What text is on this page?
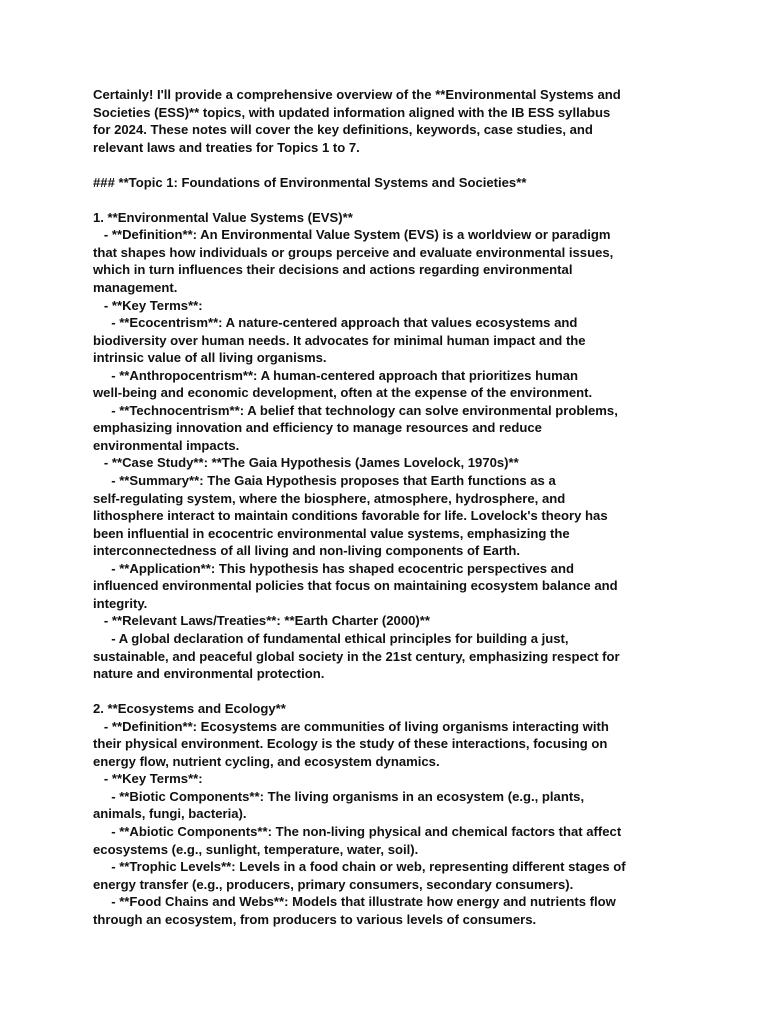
Certainly! I'll provide a comprehensive overview of the **Environmental Systems and
Societies (ESS)** topics, with updated information aligned with the IB ESS syllabus
for 2024. These notes will cover the key definitions, keywords, case studies, and
relevant laws and treaties for Topics 1 to 7.
### **Topic 1: Foundations of Environmental Systems and Societies**
1. **Environmental Value Systems (EVS)**
- **Definition**: An Environmental Value System (EVS) is a worldview or paradigm
that shapes how individuals or groups perceive and evaluate environmental issues,
which in turn influences their decisions and actions regarding environmental
management.
- **Key Terms**:
- **Ecocentrism**: A nature-centered approach that values ecosystems and
biodiversity over human needs. It advocates for minimal human impact and the
intrinsic value of all living organisms.
- **Anthropocentrism**: A human-centered approach that prioritizes human
well-being and economic development, often at the expense of the environment.
- **Technocentrism**: A belief that technology can solve environmental problems,
emphasizing innovation and efficiency to manage resources and reduce
environmental impacts.
- **Case Study**: **The Gaia Hypothesis (James Lovelock, 1970s)**
- **Summary**: The Gaia Hypothesis proposes that Earth functions as a
self-regulating system, where the biosphere, atmosphere, hydrosphere, and
lithosphere interact to maintain conditions favorable for life. Lovelock's theory has
been influential in ecocentric environmental value systems, emphasizing the
interconnectedness of all living and non-living components of Earth.
- **Application**: This hypothesis has shaped ecocentric perspectives and
influenced environmental policies that focus on maintaining ecosystem balance and
integrity.
- **Relevant Laws/Treaties**: **Earth Charter (2000)**
- A global declaration of fundamental ethical principles for building a just,
sustainable, and peaceful global society in the 21st century, emphasizing respect for
nature and environmental protection.
2. **Ecosystems and Ecology**
- **Definition**: Ecosystems are communities of living organisms interacting with
their physical environment. Ecology is the study of these interactions, focusing on
energy flow, nutrient cycling, and ecosystem dynamics.
- **Key Terms**:
- **Biotic Components**: The living organisms in an ecosystem (e.g., plants,
animals, fungi, bacteria).
- **Abiotic Components**: The non-living physical and chemical factors that affect
ecosystems (e.g., sunlight, temperature, water, soil).
- **Trophic Levels**: Levels in a food chain or web, representing different stages of
energy transfer (e.g., producers, primary consumers, secondary consumers).
- **Food Chains and Webs**: Models that illustrate how energy and nutrients flow
through an ecosystem, from producers to various levels of consumers.
